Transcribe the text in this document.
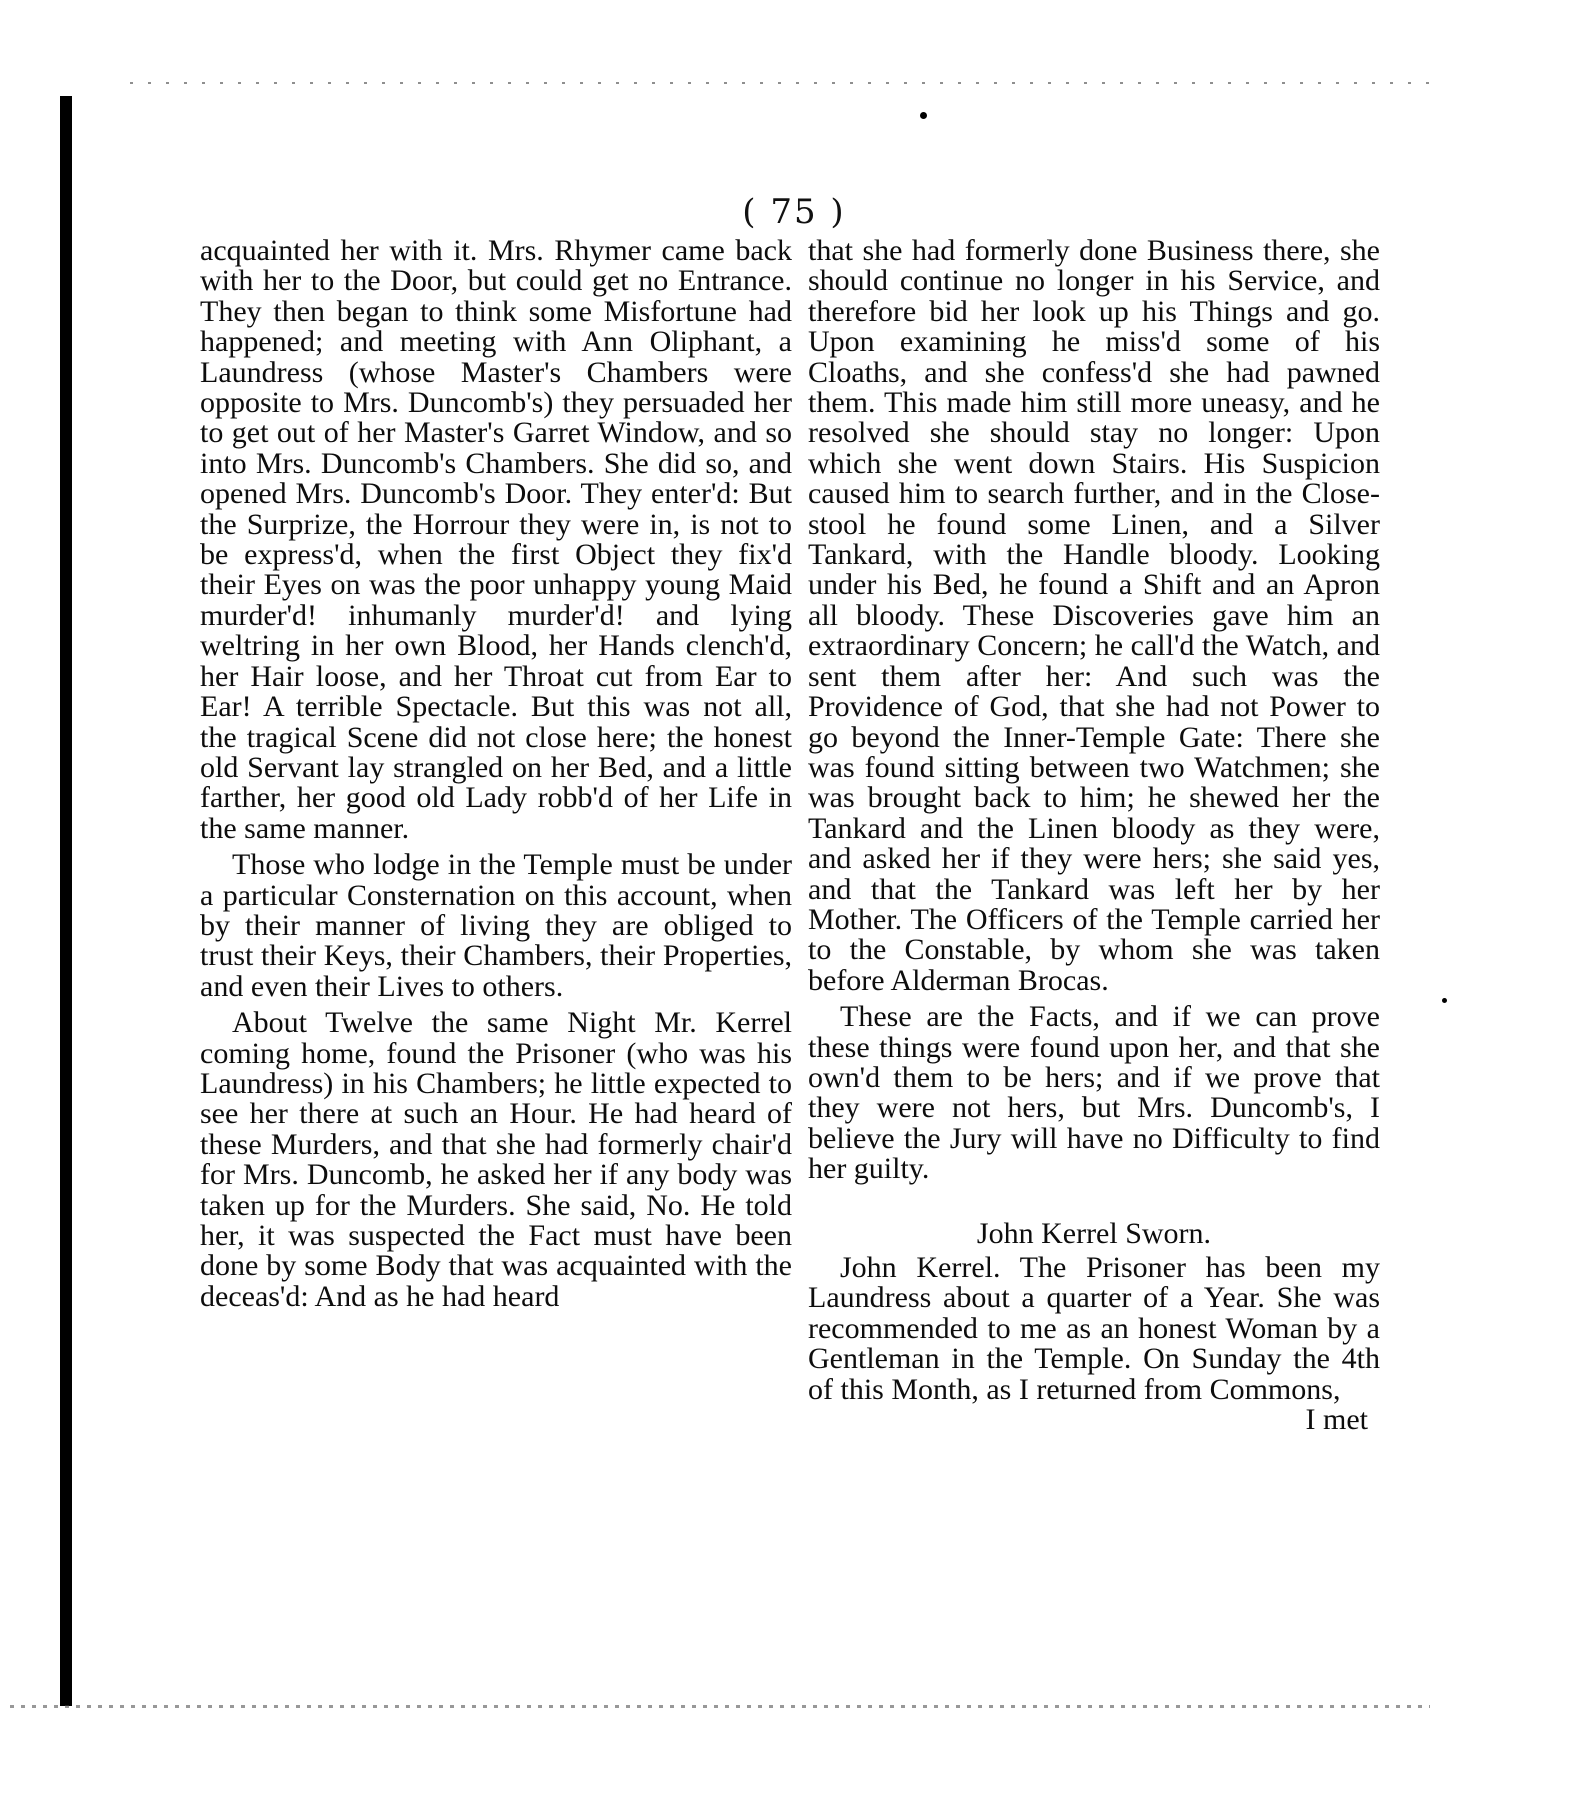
( 75 )

acquainted her with it. Mrs. Rhymer came back with her to the Door, but could get no Entrance. They then began to think some Misfortune had happened; and meeting with Ann Oliphant, a Laundress (whose Master's Chambers were opposite to Mrs. Duncomb's) they persuaded her to get out of her Master's Garret Window, and so into Mrs. Duncomb's Chambers. She did so, and opened Mrs. Duncomb's Door. They enter'd: But the Surprize, the Horrour they were in, is not to be express'd, when the first Object they fix'd their Eyes on was the poor unhappy young Maid murder'd! inhumanly murder'd! and lying weltring in her own Blood, her Hands clench'd, her Hair loose, and her Throat cut from Ear to Ear! A terrible Spectacle. But this was not all, the tragical Scene did not close here; the honest old Servant lay strangled on her Bed, and a little farther, her good old Lady robb'd of her Life in the same manner.

Those who lodge in the Temple must be under a particular Consternation on this account, when by their manner of living they are obliged to trust their Keys, their Chambers, their Properties, and even their Lives to others.

About Twelve the same Night Mr. Kerrel coming home, found the Prisoner (who was his Laundress) in his Chambers; he little expected to see her there at such an Hour. He had heard of these Murders, and that she had formerly chair'd for Mrs. Duncomb, he asked her if any body was taken up for the Murders. She said, No. He told her, it was suspected the Fact must have been done by some Body that was acquainted with the deceas'd: And as he had heard

that she had formerly done Business there, she should continue no longer in his Service, and therefore bid her look up his Things and go. Upon examining he miss'd some of his Cloaths, and she confess'd she had pawned them. This made him still more uneasy, and he resolved she should stay no longer: Upon which she went down Stairs. His Suspicion caused him to search further, and in the Close-stool he found some Linen, and a Silver Tankard, with the Handle bloody. Looking under his Bed, he found a Shift and an Apron all bloody. These Discoveries gave him an extraordinary Concern; he call'd the Watch, and sent them after her: And such was the Providence of God, that she had not Power to go beyond the Inner-Temple Gate: There she was found sitting between two Watchmen; she was brought back to him; he shewed her the Tankard and the Linen bloody as they were, and asked her if they were hers; she said yes, and that the Tankard was left her by her Mother. The Officers of the Temple carried her to the Constable, by whom she was taken before Alderman Brocas.

These are the Facts, and if we can prove these things were found upon her, and that she own'd them to be hers; and if we prove that they were not hers, but Mrs. Duncomb's, I believe the Jury will have no Difficulty to find her guilty.

John Kerrel Sworn.

John Kerrel. The Prisoner has been my Laundress about a quarter of a Year. She was recommended to me as an honest Woman by a Gentleman in the Temple. On Sunday the 4th of this Month, as I returned from Commons,

I met
